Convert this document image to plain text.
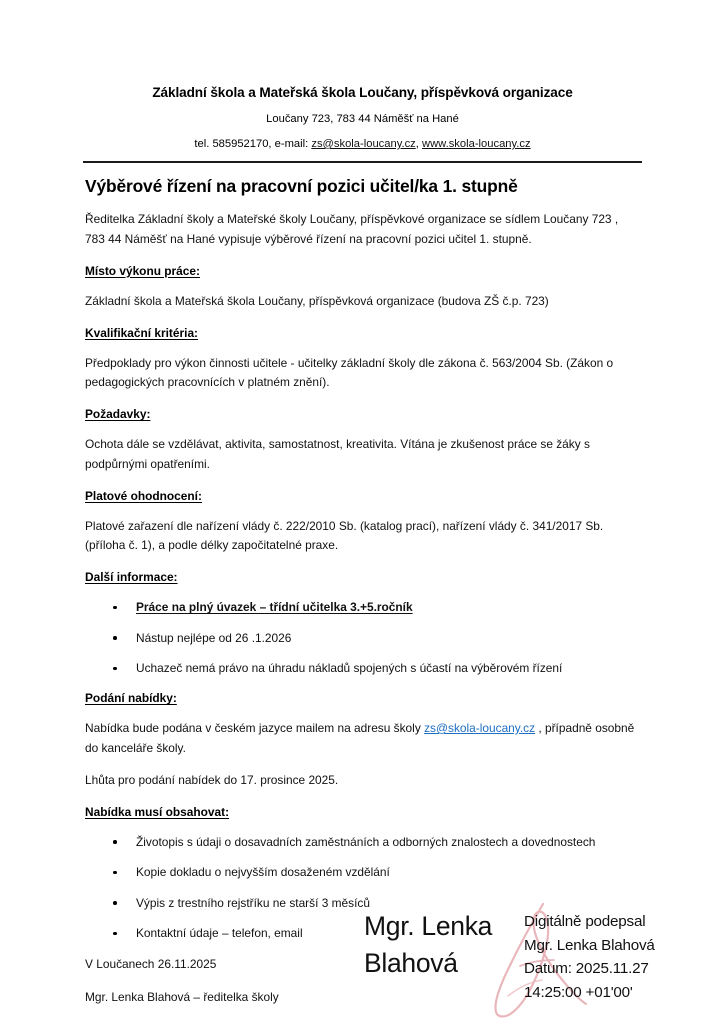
Základní škola a Mateřská škola Loučany, příspěvková organizace
Loučany 723, 783 44 Náměšť na Hané
tel. 585952170, e-mail: zs@skola-loucany.cz, www.skola-loucany.cz
Výběrové řízení na pracovní pozici učitel/ka 1. stupně

Ředitelka Základní školy a Mateřské školy Loučany, příspěvkové organizace se sídlem Loučany 723 , 783 44 Náměšť na Hané vypisuje výběrové řízení na pracovní pozici učitel 1. stupně.

Místo výkonu práce:

Základní škola a Mateřská škola Loučany, příspěvková organizace (budova ZŠ č.p. 723)

Kvalifikační kritéria:

Předpoklady pro výkon činnosti učitele - učitelky základní školy dle zákona č. 563/2004 Sb. (Zákon o pedagogických pracovnících v platném znění).

Požadavky:

Ochota dále se vzdělávat, aktivita, samostatnost, kreativita. Vítána je zkušenost práce se žáky s podpůrnými opatřeními.

Platové ohodnocení:

Platové zařazení dle nařízení vlády č. 222/2010 Sb. (katalog prací), nařízení vlády č. 341/2017 Sb. (příloha č. 1), a podle délky započitatelné praxe.

Další informace:
Práce na plný úvazek – třídní učitelka 3.+5.ročník
Nástup nejlépe od 26 .1.2026
Uchazeč nemá právo na úhradu nákladů spojených s účastí na výběrovém řízení
Podání nabídky:

Nabídka bude podána v českém jazyce mailem na adresu školy zs@skola-loucany.cz , případně osobně do kanceláře školy.

Lhůta pro podání nabídek do 17. prosince 2025.

Nabídka musí obsahovat:
Životopis s údaji o dosavadních zaměstnáních a odborných znalostech a dovednostech
Kopie dokladu o nejvyšším dosaženém vzdělání
Výpis z trestního rejstříku ne starší 3 měsíců
Kontaktní údaje – telefon, email

V Loučanech 26.11.2025

Mgr. Lenka Blahová – ředitelka školy

Mgr. Lenka Blahová
Digitálně podepsal
Mgr. Lenka Blahová
Datum: 2025.11.27
14:25:00 +01'00'
